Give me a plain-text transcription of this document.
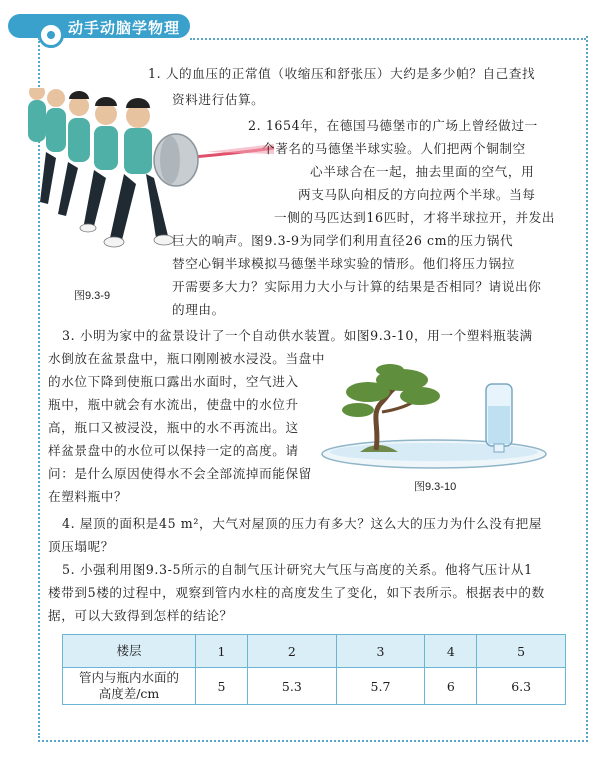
动手动脑学物理
1. 人的血压的正常值（收缩压和舒张压）大约是多少帕？自己查找
资料进行估算。
图9.3-9
2. 1654年，在德国马德堡市的广场上曾经做过一
个著名的马德堡半球实验。人们把两个铜制空
心半球合在一起，抽去里面的空气，用
两支马队向相反的方向拉两个半球。当每
一侧的马匹达到16匹时，才将半球拉开，并发出
巨大的响声。图9.3-9为同学们利用直径26 cm的压力锅代
替空心铜半球模拟马德堡半球实验的情形。他们将压力锅拉
开需要多大力？实际用力大小与计算的结果是否相同？请说出你
的理由。
3. 小明为家中的盆景设计了一个自动供水装置。如图9.3-10，用一个塑料瓶装满
水倒放在盆景盘中，瓶口刚刚被水浸没。当盘中
的水位下降到使瓶口露出水面时，空气进入
瓶中，瓶中就会有水流出，使盘中的水位升
高，瓶口又被浸没，瓶中的水不再流出。这
样盆景盘中的水位可以保持一定的高度。请
问：是什么原因使得水不会全部流掉而能保留
在塑料瓶中？
图9.3-10
4. 屋顶的面积是45 m²，大气对屋顶的压力有多大？这么大的压力为什么没有把屋
顶压塌呢？
5. 小强利用图9.3-5所示的自制气压计研究大气压与高度的关系。他将气压计从1
楼带到5楼的过程中，观察到管内水柱的高度发生了变化，如下表所示。根据表中的数
据，可以大致得到怎样的结论？
楼层	1	2	3	4	5

管内与瓶内水面的
高度差/cm	5	5.3	5.7	6	6.3
